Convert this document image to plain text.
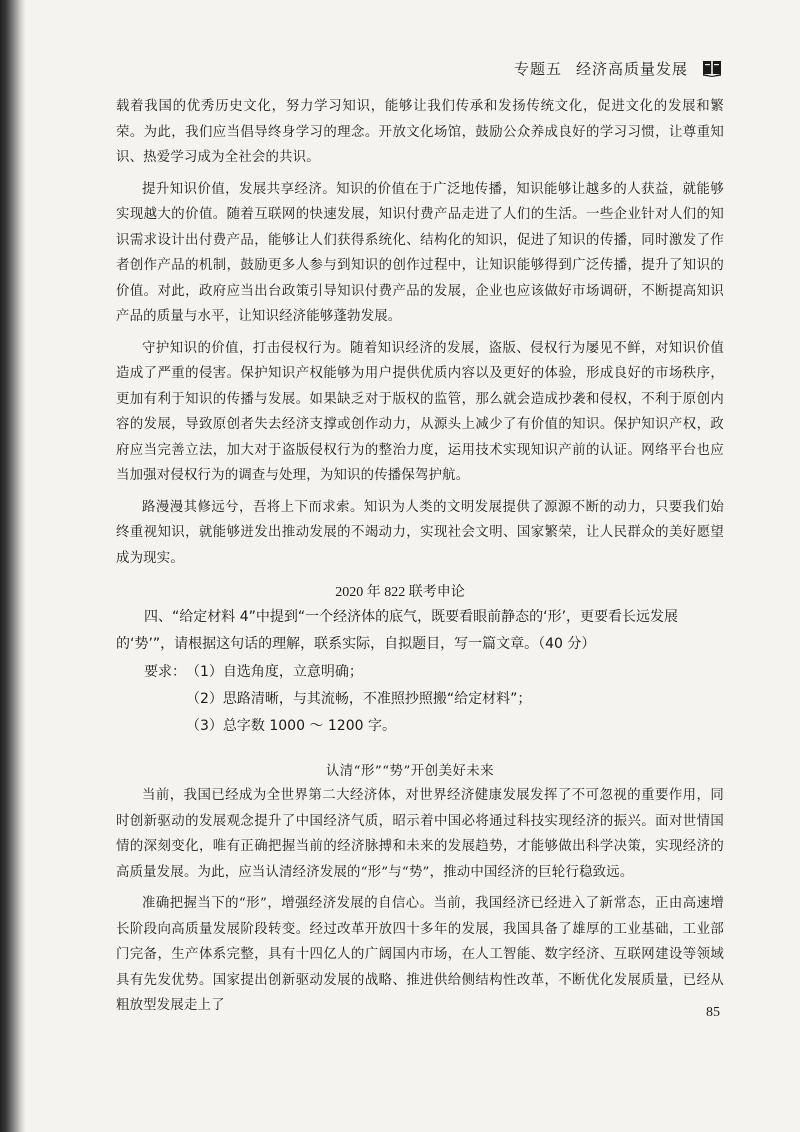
专题五 经济高质量发展

载着我国的优秀历史文化，努力学习知识，能够让我们传承和发扬传统文化，促进文化的发展和繁荣。为此，我们应当倡导终身学习的理念。开放文化场馆，鼓励公众养成良好的学习习惯，让尊重知识、热爱学习成为全社会的共识。

提升知识价值，发展共享经济。知识的价值在于广泛地传播，知识能够让越多的人获益，就能够实现越大的价值。随着互联网的快速发展，知识付费产品走进了人们的生活。一些企业针对人们的知识需求设计出付费产品，能够让人们获得系统化、结构化的知识，促进了知识的传播，同时激发了作者创作产品的机制，鼓励更多人参与到知识的创作过程中，让知识能够得到广泛传播，提升了知识的价值。对此，政府应当出台政策引导知识付费产品的发展，企业也应该做好市场调研，不断提高知识产品的质量与水平，让知识经济能够蓬勃发展。

守护知识的价值，打击侵权行为。随着知识经济的发展，盗版、侵权行为屡见不鲜，对知识价值造成了严重的侵害。保护知识产权能够为用户提供优质内容以及更好的体验，形成良好的市场秩序，更加有利于知识的传播与发展。如果缺乏对于版权的监管，那么就会造成抄袭和侵权，不利于原创内容的发展，导致原创者失去经济支撑或创作动力，从源头上减少了有价值的知识。保护知识产权，政府应当完善立法，加大对于盗版侵权行为的整治力度，运用技术实现知识产前的认证。网络平台也应当加强对侵权行为的调查与处理，为知识的传播保驾护航。

路漫漫其修远兮，吾将上下而求索。知识为人类的文明发展提供了源源不断的动力，只要我们始终重视知识，就能够迸发出推动发展的不竭动力，实现社会文明、国家繁荣，让人民群众的美好愿望成为现实。

2020 年 822 联考申论

四、“给定材料 4”中提到“一个经济体的底气，既要看眼前静态的‘形’，更要看长远发展的‘势’”，请根据这句话的理解，联系实际，自拟题目，写一篇文章。（40 分）

要求： （1）自选角度，立意明确；
（2）思路清晰，与其流畅，不准照抄照搬“给定材料”；
（3）总字数 1000 ～ 1200 字。
认清“形”“势”开创美好未来

当前，我国已经成为全世界第二大经济体，对世界经济健康发展发挥了不可忽视的重要作用，同时创新驱动的发展观念提升了中国经济气质，昭示着中国必将通过科技实现经济的振兴。面对世情国情的深刻变化，唯有正确把握当前的经济脉搏和未来的发展趋势，才能够做出科学决策，实现经济的高质量发展。为此，应当认清经济发展的“形”与“势”，推动中国经济的巨轮行稳致远。

准确把握当下的“形”，增强经济发展的自信心。当前，我国经济已经进入了新常态，正由高速增长阶段向高质量发展阶段转变。经过改革开放四十多年的发展，我国具备了雄厚的工业基础，工业部门完备，生产体系完整，具有十四亿人的广阔国内市场，在人工智能、数字经济、互联网建设等领域具有先发优势。国家提出创新驱动发展的战略、推进供给侧结构性改革，不断优化发展质量，已经从粗放型发展走上了	85
